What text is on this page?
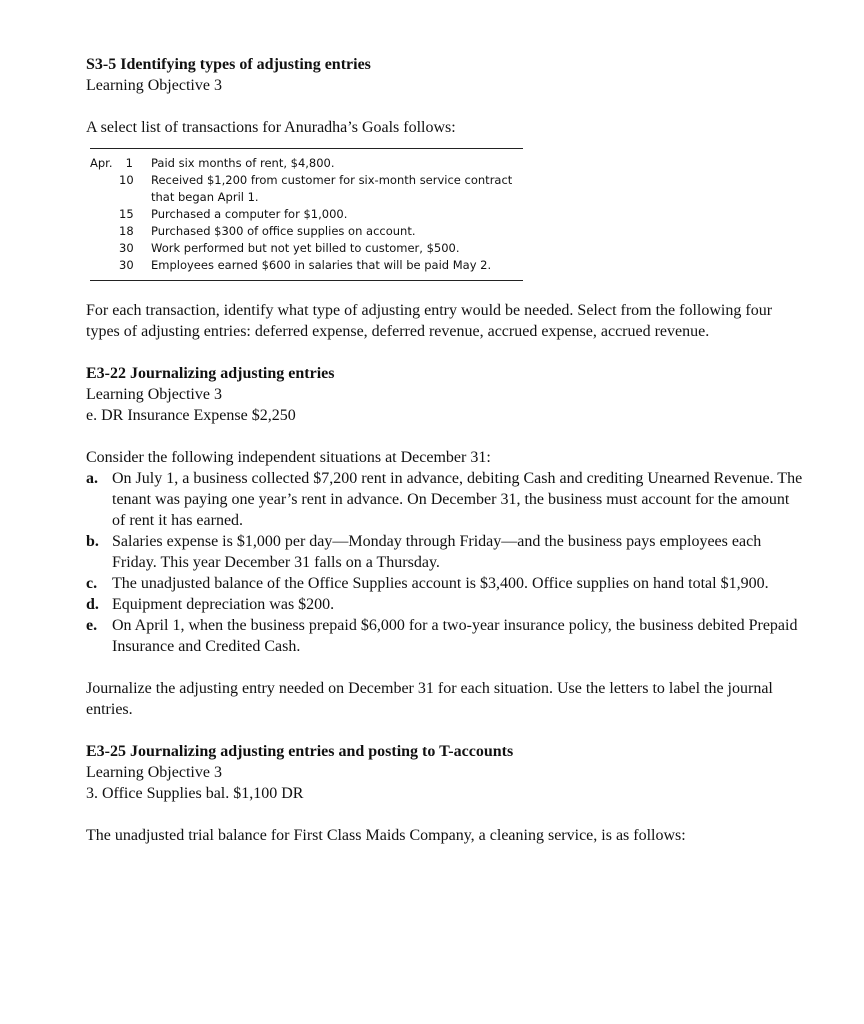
S3-5 Identifying types of adjusting entries
Learning Objective 3
A select list of transactions for Anuradha’s Goals follows:
Apr.	1 Paid six months of rent, $4,800.
10 Received $1,200 from customer for six-month service contract that began April 1.
15 Purchased a computer for $1,000.
18 Purchased $300 of office supplies on account.
30 Work performed but not yet billed to customer, $500.
30 Employees earned $600 in salaries that will be paid May 2.
For each transaction, identify what type of adjusting entry would be needed. Select from the following four types of adjusting entries: deferred expense, deferred revenue, accrued expense, accrued revenue.
E3-22 Journalizing adjusting entries
Learning Objective 3
e. DR Insurance Expense $2,250
Consider the following independent situations at December 31:
a. On July 1, a business collected $7,200 rent in advance, debiting Cash and crediting Unearned Revenue. The tenant was paying one year’s rent in advance. On December 31, the business must account for the amount of rent it has earned.
b. Salaries expense is $1,000 per day—Monday through Friday—and the business pays employees each Friday. This year December 31 falls on a Thursday.
c. The unadjusted balance of the Office Supplies account is $3,400. Office supplies on hand total $1,900.
d. Equipment depreciation was $200.
e. On April 1, when the business prepaid $6,000 for a two-year insurance policy, the business debited Prepaid Insurance and Credited Cash.
Journalize the adjusting entry needed on December 31 for each situation. Use the letters to label the journal entries.
E3-25 Journalizing adjusting entries and posting to T-accounts
Learning Objective 3
3. Office Supplies bal. $1,100 DR
The unadjusted trial balance for First Class Maids Company, a cleaning service, is as follows:
